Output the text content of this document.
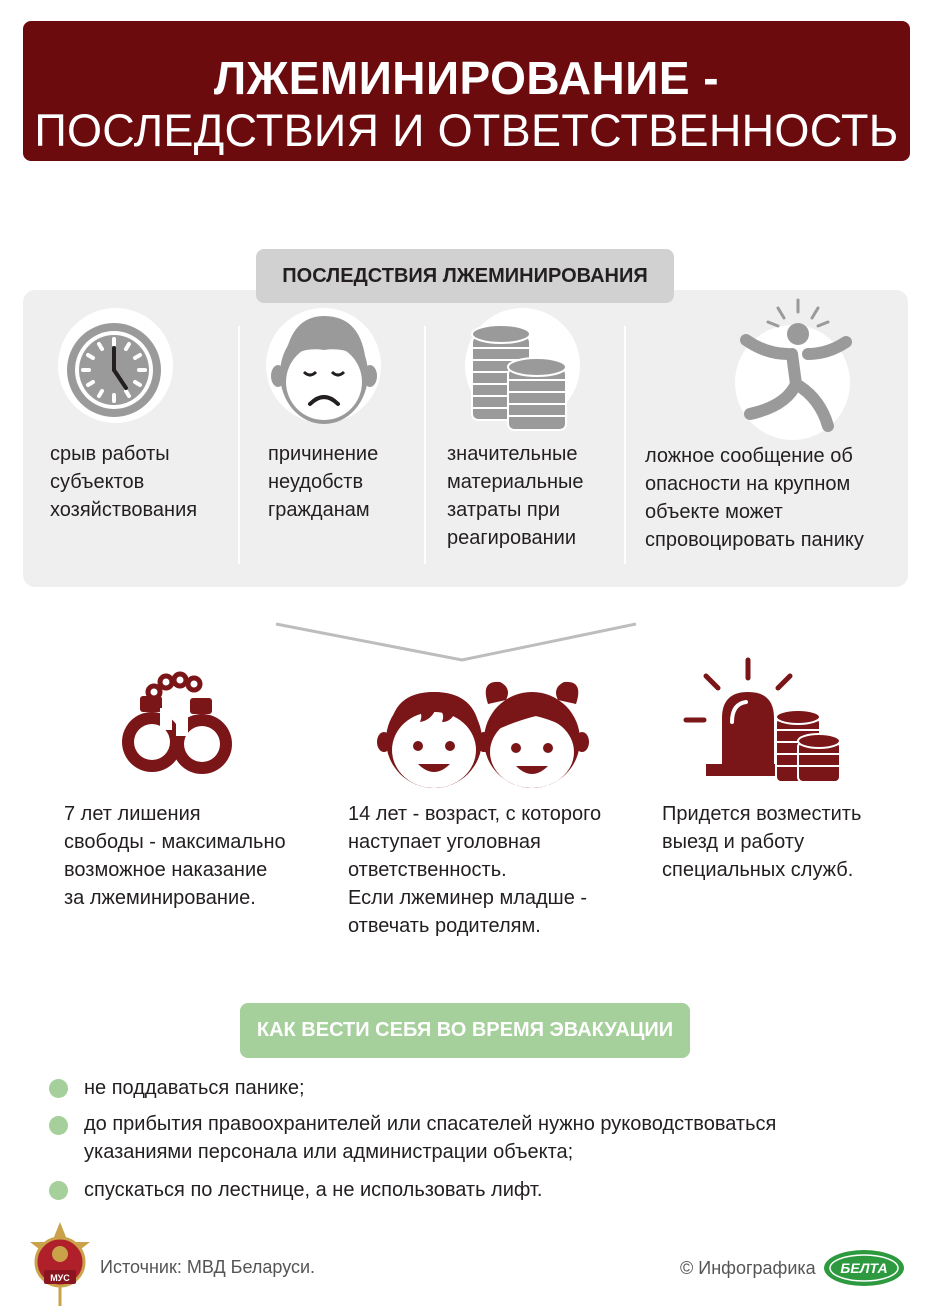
ЛЖЕМИНИРОВАНИЕ -
ПОСЛЕДСТВИЯ И ОТВЕТСТВЕННОСТЬ
ПОСЛЕДСТВИЯ ЛЖЕМИНИРОВАНИЯ
срыв работы
субъектов
хозяйствования
причинение
неудобств
гражданам
значительные
материальные
затраты при
реагировании
ложное сообщение об
опасности на крупном
объекте может
спровоцировать панику
7 лет лишения
свободы - максимально
возможное наказание
за лжеминирование.
14 лет - возраст, с которого
наступает уголовная
ответственность.
Если лжеминер младше -
отвечать родителям.
Придется возместить
выезд и работу
специальных служб.
КАК ВЕСТИ СЕБЯ ВО ВРЕМЯ ЭВАКУАЦИИ
не поддаваться панике;
до прибытия правоохранителей или спасателей нужно руководствоваться
указаниями персонала или администрации объекта;
спускаться по лестнице, а не использовать лифт.
МУС
Источник: МВД Беларуси.	© Инфографика БЕЛТА
